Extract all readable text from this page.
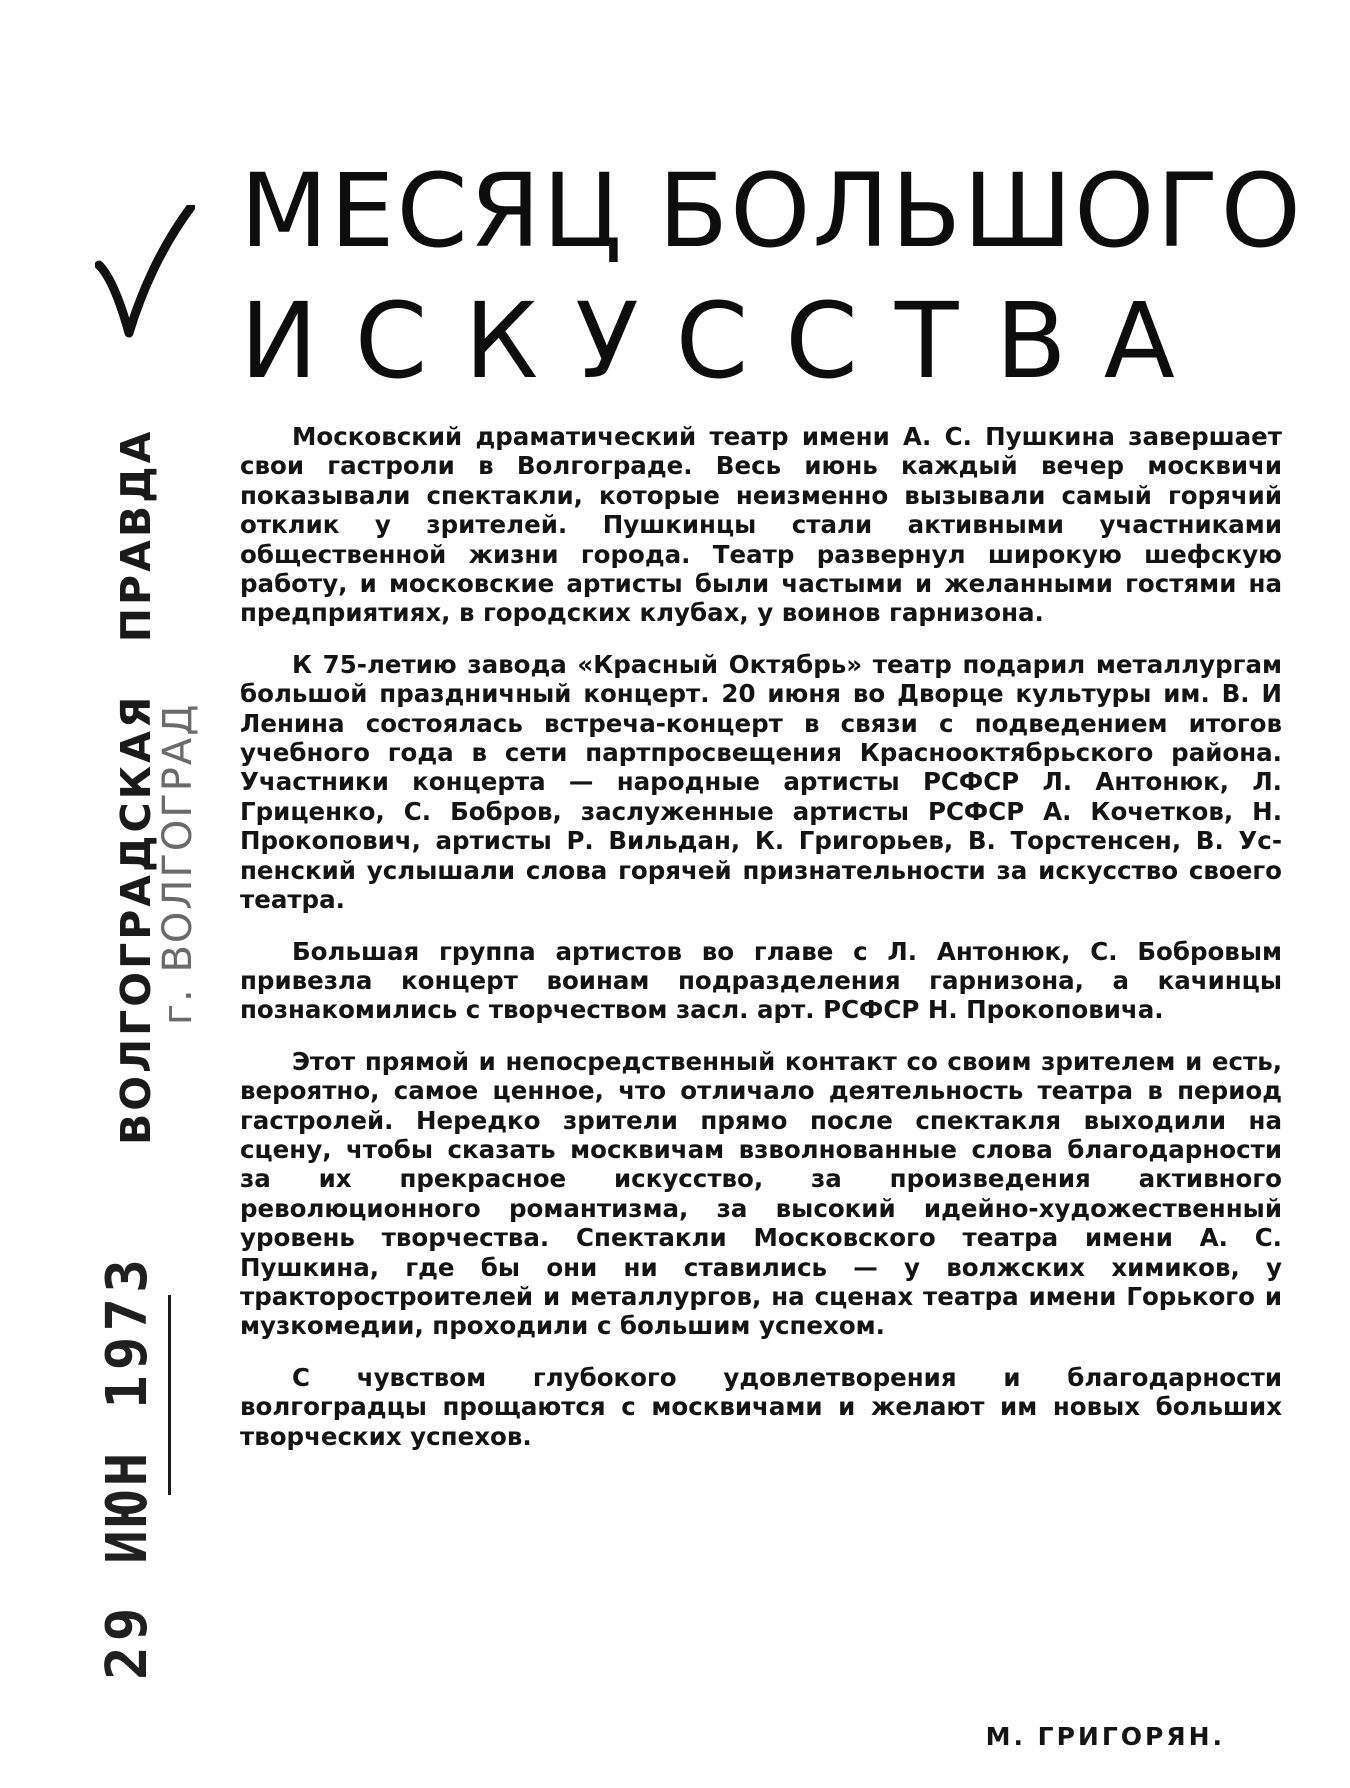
МЕСЯЦ БОЛЬШОГО
ИСКУССТВА
ВОЛГОГРАДСКАЯ ПРАВДА
г. ВОЛГОГРАД
29 ИЮН 1973

Московский драматический театр имени А. С. Пушкина завершает свои гастроли в Волгограде. Весь июнь каждый вечер москвичи показывали спектакли, которые неизменно вызывали самый горячий отклик у зрителей. Пушкинцы стали активными участниками общественной жизни города. Театр развернул широкую шефскую работу, и московские артисты были частыми и желанными гостями на предприятиях, в городских клубах, у воинов гарнизона.

К 75-летию завода «Красный Октябрь» театр подарил металлургам большой праздничный концерт. 20 июня во Дворце культуры им. В. И Ленина состоялась встреча-концерт в связи с подведением итогов учебного года в сети партпросвещения Краснооктябрьского района. Участники концерта — народные артисты РСФСР Л. Антонюк, Л. Гриценко, С. Бобров, заслуженные артисты РСФСР А. Кочетков, Н. Прокопович, артисты Р. Вильдан, К. Григорьев, В. Торстенсен, В. Успенский услышали слова горячей признательности за искусство своего театра.

Большая группа артистов во главе с Л. Антонюк, С. Бобровым привезла концерт воинам подразделения гарнизона, а качинцы познакомились с творчеством засл. арт. РСФСР Н. Прокоповича.

Этот прямой и непосредственный контакт со своим зрителем и есть, вероятно, самое ценное, что отличало деятельность театра в период гастролей. Нередко зрители прямо после спектакля выходили на сцену, чтобы сказать москвичам взволнованные слова благодарности за их прекрасное искусство, за произведения активного революционного романтизма, за высокий идейно-художественный уровень творчества. Спектакли Московского театра имени А. С. Пушкина, где бы они ни ставились — у волжских химиков, у тракторостроителей и металлургов, на сценах театра имени Горького и музкомедии, проходили с большим успехом.

С чувством глубокого удовлетворения и благодарности волгоградцы прощаются с москвичами и желают им новых больших творческих успехов.

М. ГРИГОРЯН.
